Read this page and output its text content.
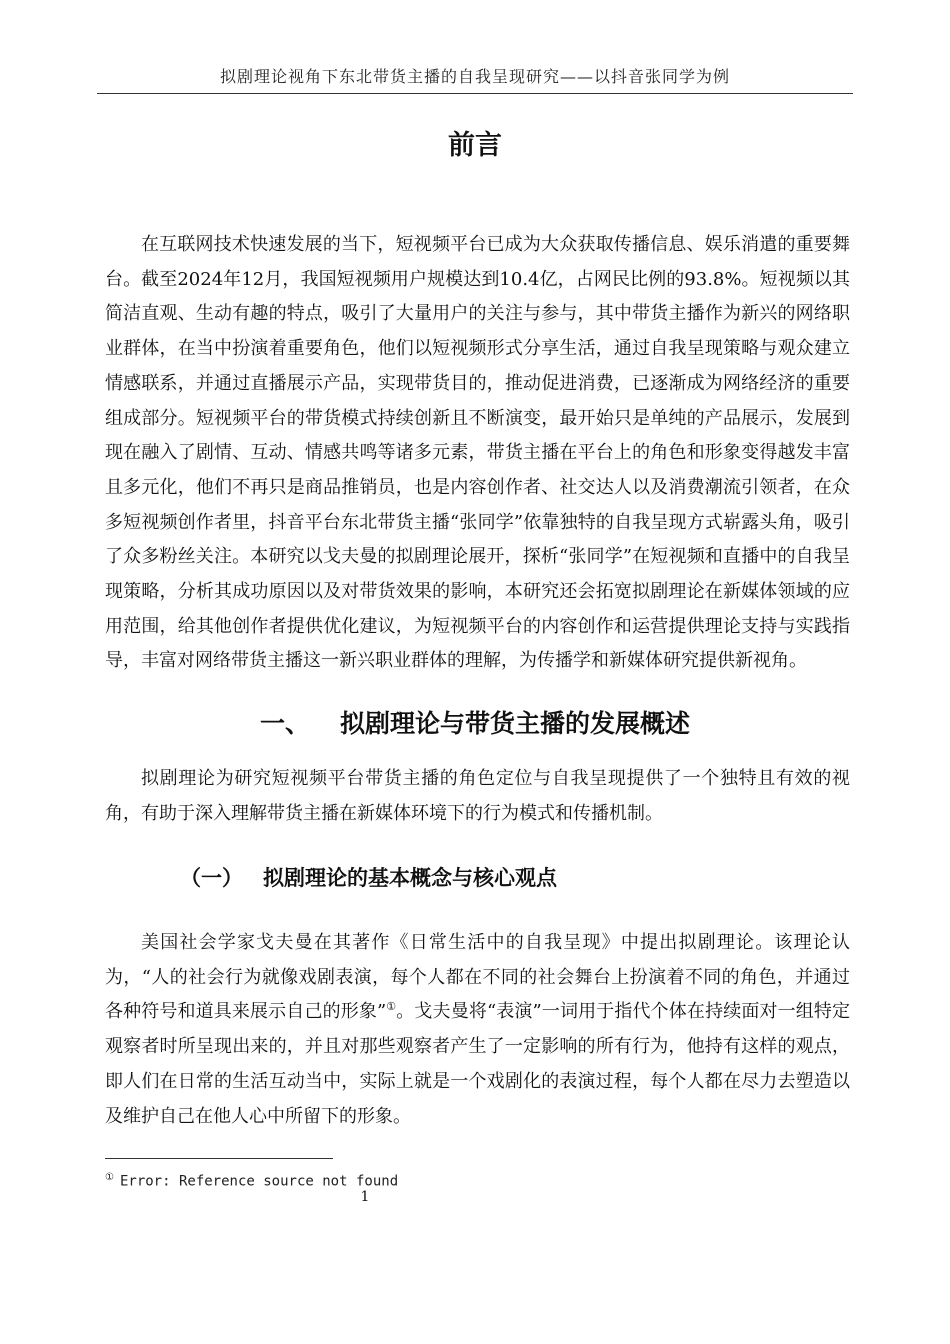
拟剧理论视角下东北带货主播的自我呈现研究——以抖音张同学为例
前言

在互联网技术快速发展的当下，短视频平台已成为大众获取传播信息、娱乐消遣的重要舞台。截至2024年12月，我国短视频用户规模达到10.4亿，占网民比例的93.8%。短视频以其简洁直观、生动有趣的特点，吸引了大量用户的关注与参与，其中带货主播作为新兴的网络职业群体，在当中扮演着重要角色，他们以短视频形式分享生活，通过自我呈现策略与观众建立情感联系，并通过直播展示产品，实现带货目的，推动促进消费，已逐渐成为网络经济的重要组成部分。短视频平台的带货模式持续创新且不断演变，最开始只是单纯的产品展示，发展到现在融入了剧情、互动、情感共鸣等诸多元素，带货主播在平台上的角色和形象变得越发丰富且多元化，他们不再只是商品推销员，也是内容创作者、社交达人以及消费潮流引领者，在众多短视频创作者里，抖音平台东北带货主播“张同学”依靠独特的自我呈现方式崭露头角，吸引了众多粉丝关注。本研究以戈夫曼的拟剧理论展开，探析“张同学”在短视频和直播中的自我呈现策略，分析其成功原因以及对带货效果的影响，本研究还会拓宽拟剧理论在新媒体领域的应用范围，给其他创作者提供优化建议，为短视频平台的内容创作和运营提供理论支持与实践指导，丰富对网络带货主播这一新兴职业群体的理解，为传播学和新媒体研究提供新视角。

一、 拟剧理论与带货主播的发展概述

拟剧理论为研究短视频平台带货主播的角色定位与自我呈现提供了一个独特且有效的视角，有助于深入理解带货主播在新媒体环境下的行为模式和传播机制。

（一） 拟剧理论的基本概念与核心观点

美国社会学家戈夫曼在其著作《日常生活中的自我呈现》中提出拟剧理论。该理论认为，“人的社会行为就像戏剧表演，每个人都在不同的社会舞台上扮演着不同的角色，并通过各种符号和道具来展示自己的形象”①。戈夫曼将“表演”一词用于指代个体在持续面对一组特定观察者时所呈现出来的，并且对那些观察者产生了一定影响的所有行为，他持有这样的观点，即人们在日常的生活互动当中，实际上就是一个戏剧化的表演过程，每个人都在尽力去塑造以及维护自己在他人心中所留下的形象。

① Error: Reference source not found
1
